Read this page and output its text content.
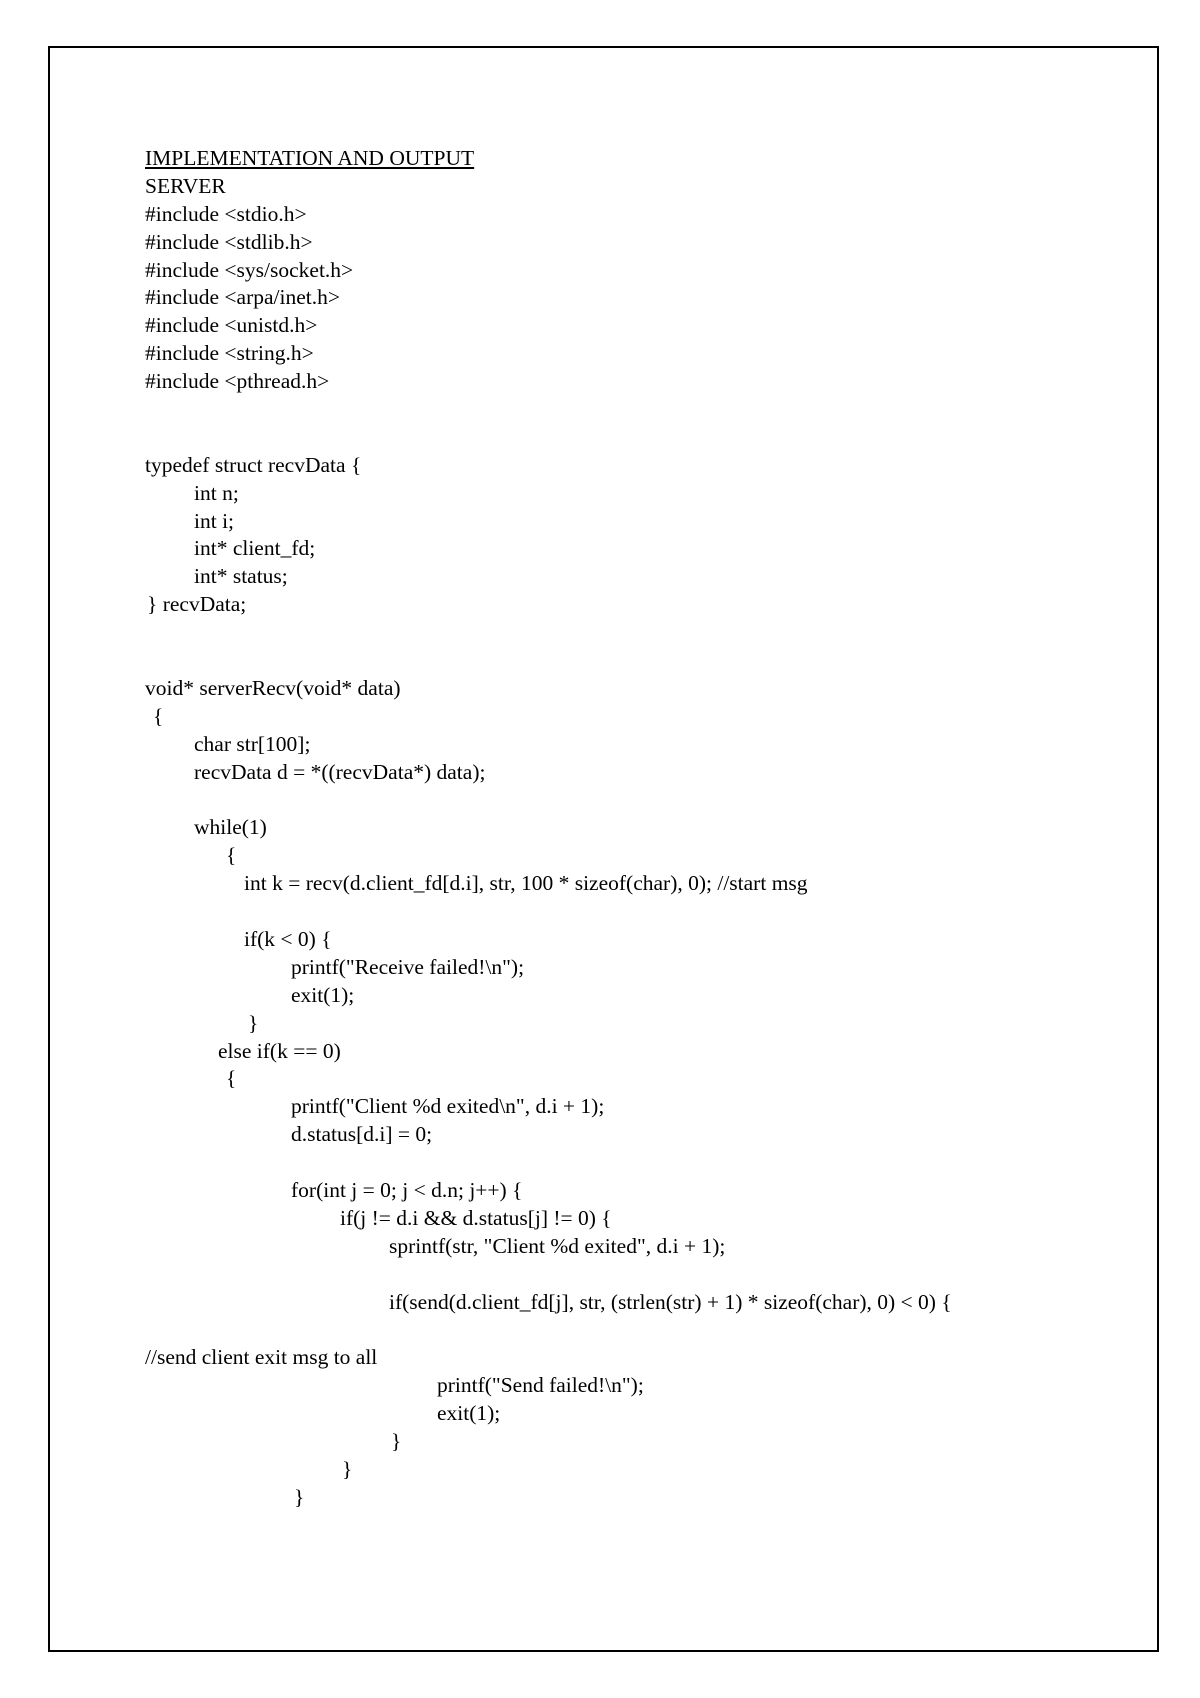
IMPLEMENTATION AND OUTPUT
SERVER
#include <stdio.h>
#include <stdlib.h>
#include <sys/socket.h>
#include <arpa/inet.h>
#include <unistd.h>
#include <string.h>
#include <pthread.h>
typedef struct recvData {
int n;
int i;
int* client_fd;
int* status;
} recvData;
void* serverRecv(void* data)
{
char str[100];
recvData d = *((recvData*) data);
while(1)
{
int k = recv(d.client_fd[d.i], str, 100 * sizeof(char), 0); //start msg
if(k < 0) {
printf("Receive failed!\n");
exit(1);
}
else if(k == 0)
{
printf("Client %d exited\n", d.i + 1);
d.status[d.i] = 0;
for(int j = 0; j < d.n; j++) {
if(j != d.i && d.status[j] != 0) {
sprintf(str, "Client %d exited", d.i + 1);
if(send(d.client_fd[j], str, (strlen(str) + 1) * sizeof(char), 0) < 0) {
//send client exit msg to all
printf("Send failed!\n");
exit(1);
}
}
}
